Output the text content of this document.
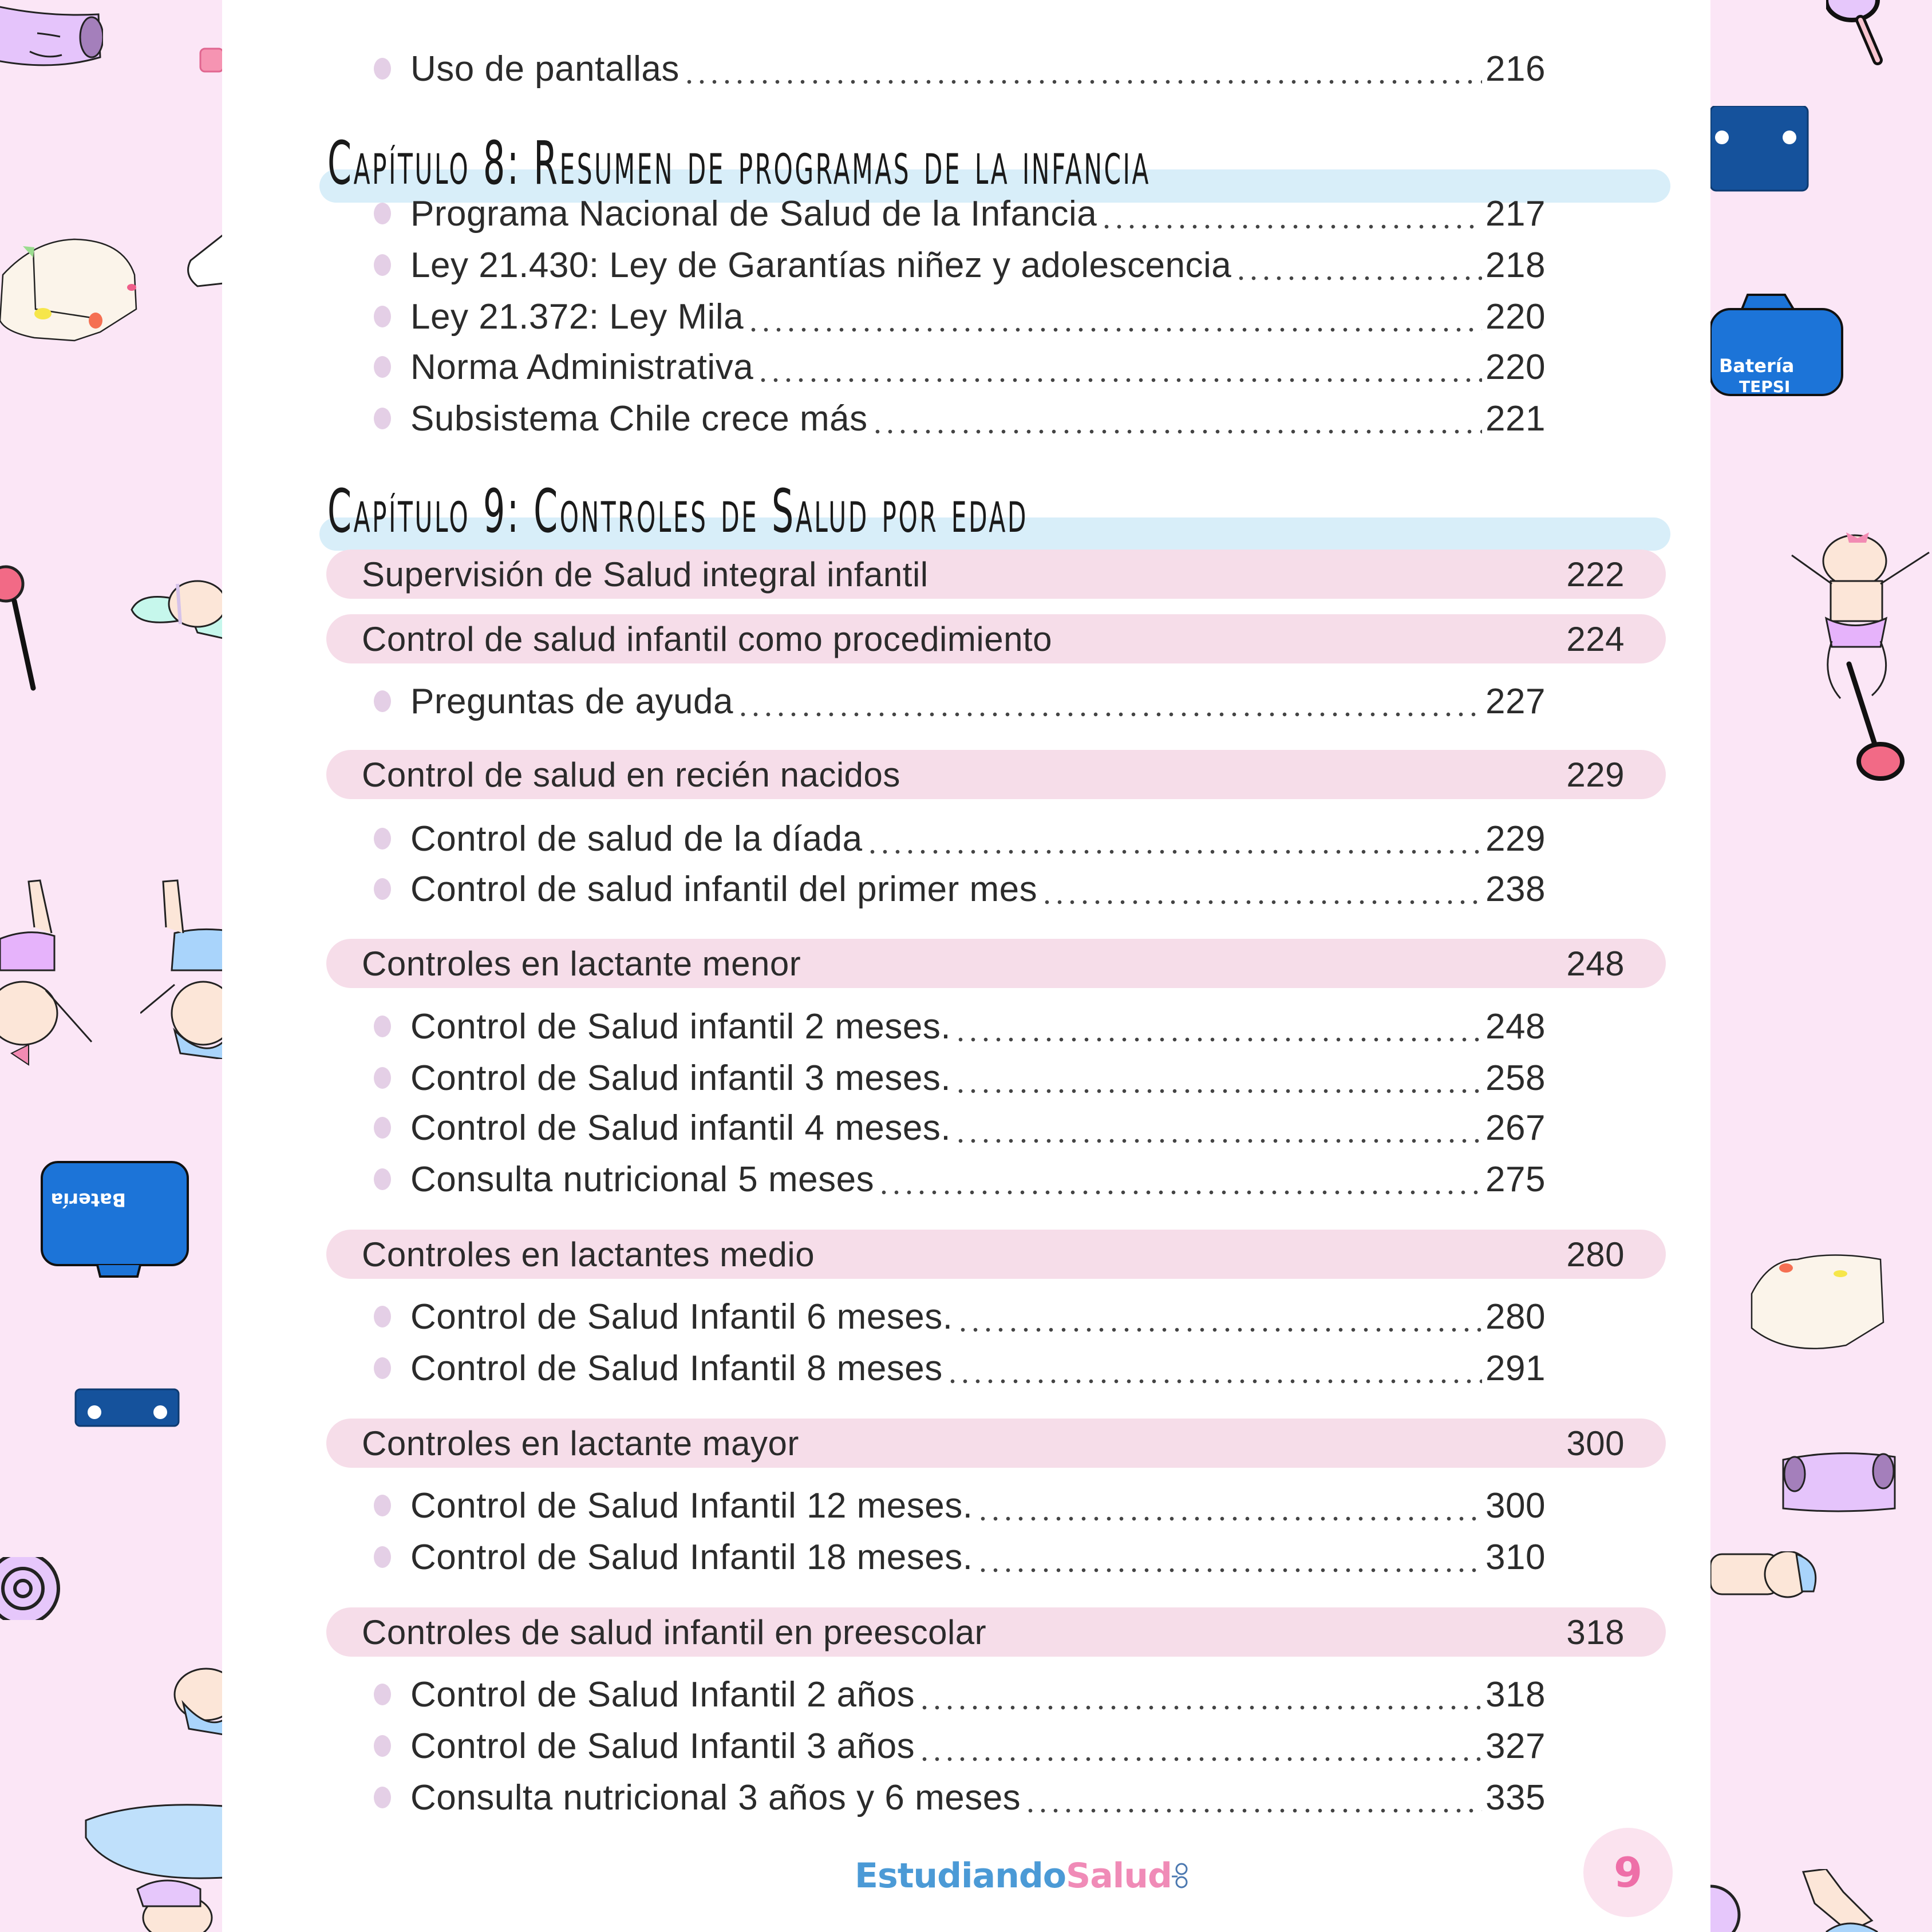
Batería
Batería
TEPSI
Uso de pantallas	216
Capítulo 8: Resumen de programas de la infancia
Programa Nacional de Salud de la Infancia	217
Ley 21.430: Ley de Garantías niñez y adolescencia	218
Ley 21.372: Ley Mila	220
Norma Administrativa	220
Subsistema Chile crece más	221
Capítulo 9: Controles de Salud por edad
Supervisión de Salud integral infantil	222
Control de salud infantil como procedimiento	224
Preguntas de ayuda	227
Control de salud en recién nacidos	229
Control de salud de la díada	229
Control de salud infantil del primer mes	238
Controles en lactante menor	248
Control de Salud infantil 2 meses.	248
Control de Salud infantil 3 meses.	258
Control de Salud infantil 4 meses.	267
Consulta nutricional 5 meses	275
Controles en lactantes medio	280
Control de Salud Infantil 6 meses.	280
Control de Salud Infantil 8 meses	291
Controles en lactante mayor	300
Control de Salud Infantil 12 meses.	300
Control de Salud Infantil 18 meses.	310
Controles de salud infantil en preescolar	318
Control de Salud Infantil 2 años	318
Control de Salud Infantil 3 años	327
Consulta nutricional 3 años y 6 meses	335
EstudiandoSalud	9
